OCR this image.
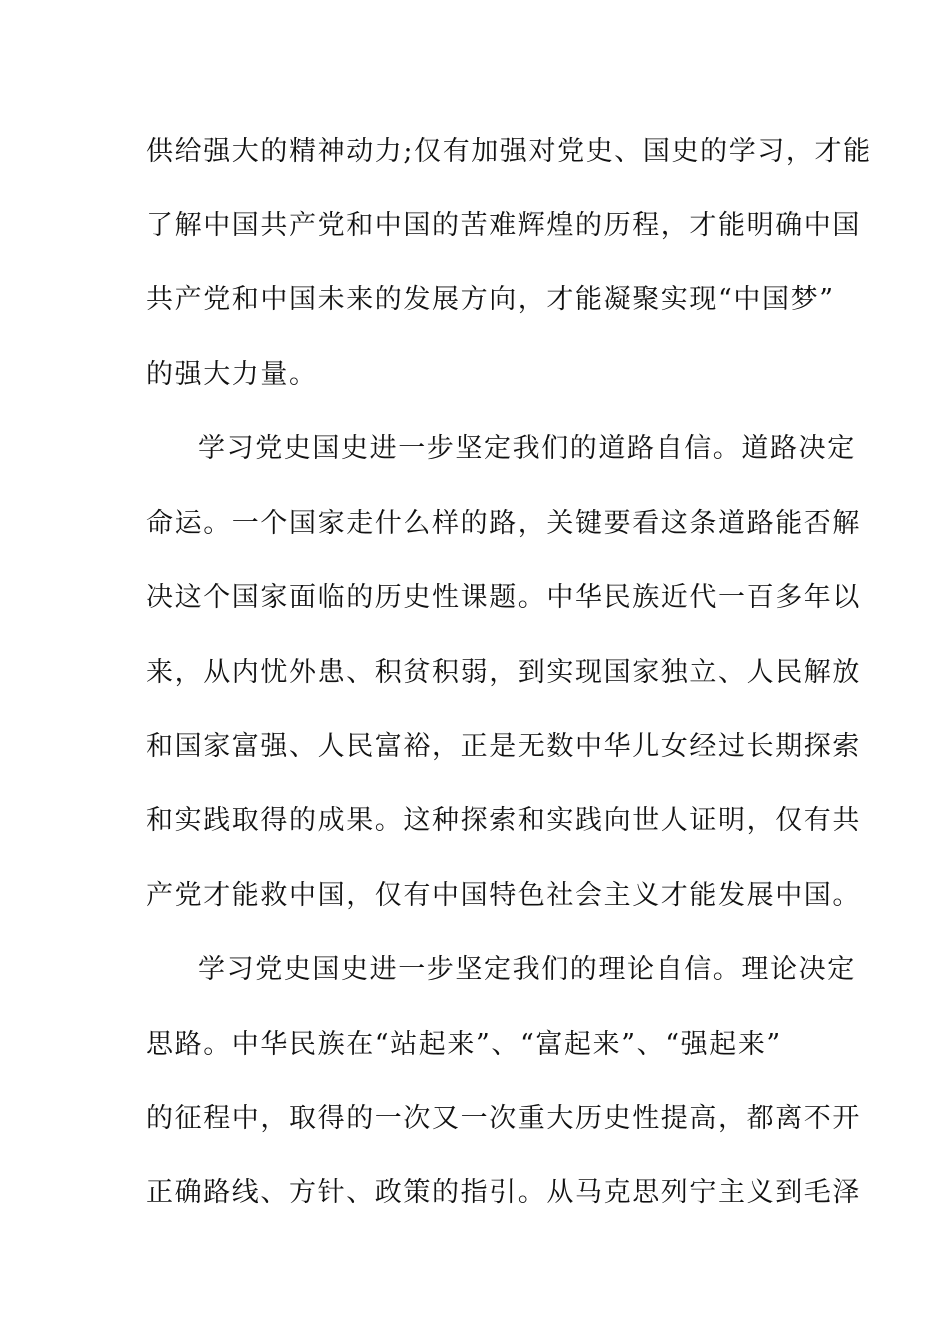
供给强大的精神动力;仅有加强对党史、国史的学习，才能
了解中国共产党和中国的苦难辉煌的历程，才能明确中国
共产党和中国未来的发展方向，才能凝聚实现“中国梦”
的强大力量。
学习党史国史进一步坚定我们的道路自信。道路决定
命运。一个国家走什么样的路，关键要看这条道路能否解
决这个国家面临的历史性课题。中华民族近代一百多年以
来，从内忧外患、积贫积弱，到实现国家独立、人民解放
和国家富强、人民富裕，正是无数中华儿女经过长期探索
和实践取得的成果。这种探索和实践向世人证明，仅有共
产党才能救中国，仅有中国特色社会主义才能发展中国。
学习党史国史进一步坚定我们的理论自信。理论决定
思路。中华民族在“站起来”、“富起来”、“强起来”
的征程中，取得的一次又一次重大历史性提高，都离不开
正确路线、方针、政策的指引。从马克思列宁主义到毛泽
